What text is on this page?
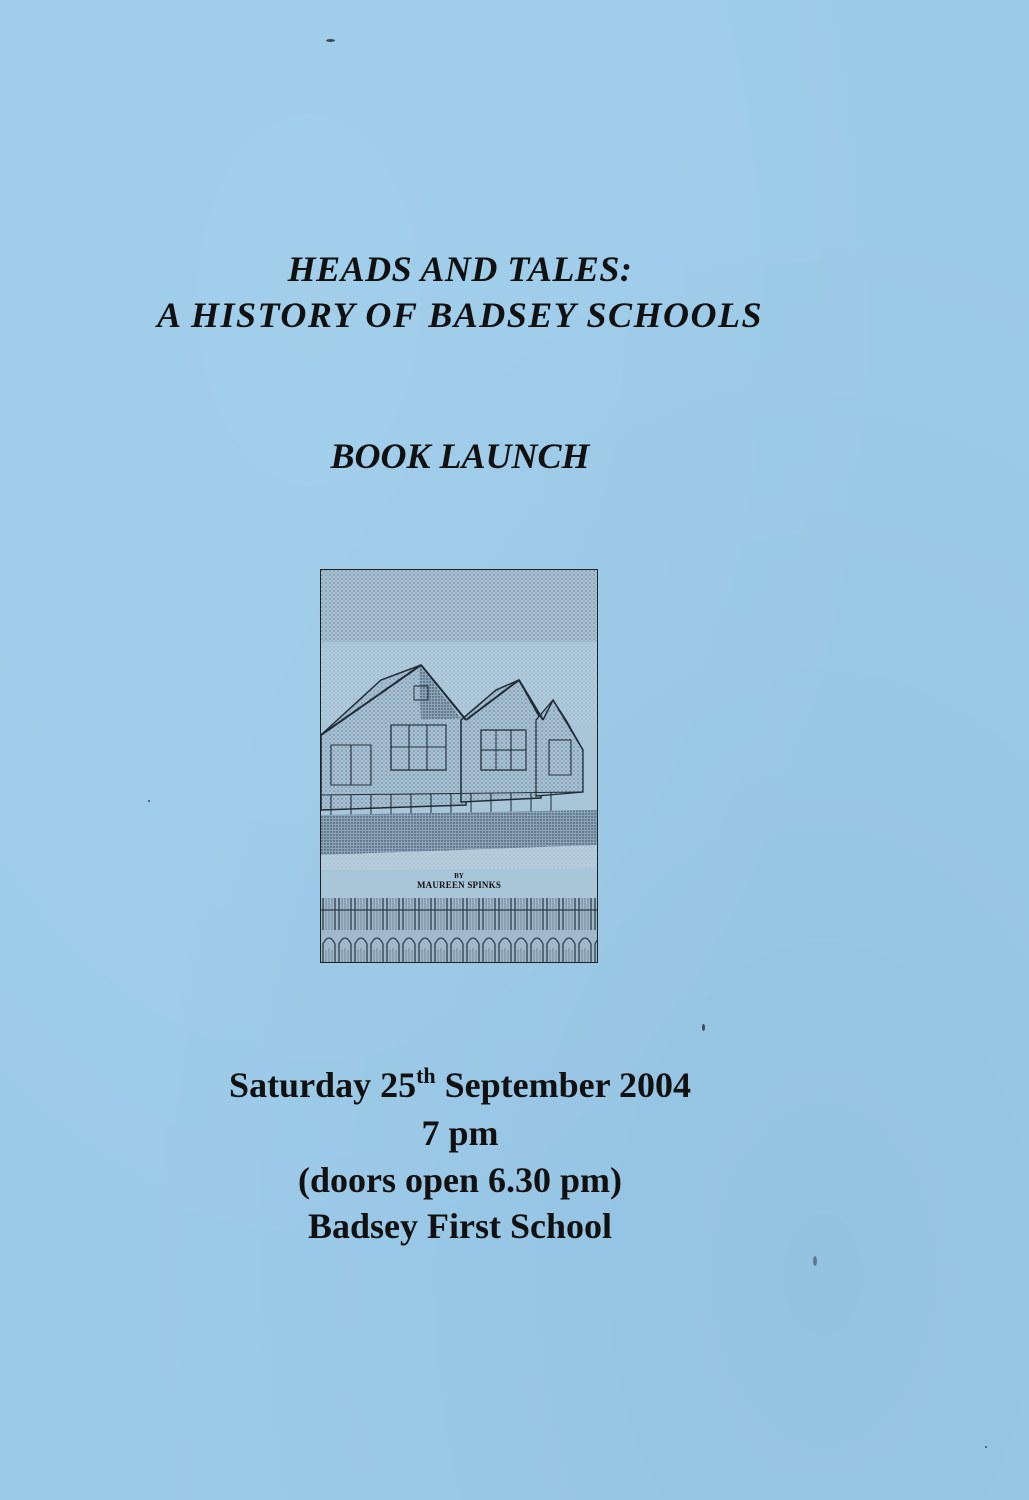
HEADS AND TALES:
A HISTORY OF BADSEY SCHOOLS
BOOK LAUNCH
BY
MAUREEN SPINKS

Saturday 25th September 2004

7 pm

(doors open 6.30 pm)

Badsey First School
